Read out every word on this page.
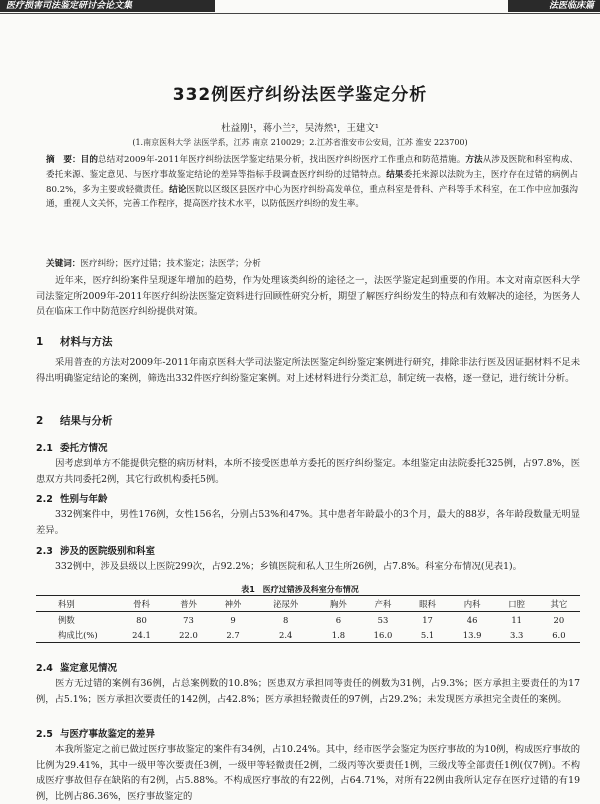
医疗损害司法鉴定研讨会论文集	法医临床篇
332例医疗纠纷法医学鉴定分析
杜益刚¹，蒋小兰²，吴涛然¹，王建文¹
(1.南京医科大学 法医学系，江苏 南京 210029；2.江苏省淮安市公安局，江苏 淮安 223700)
摘　要：目的总结对2009年-2011年医疗纠纷法医学鉴定结果分析，找出医疗纠纷医疗工作重点和防范措施。方法从涉及医院和科室构成、委托来源、鉴定意见、与医疗事故鉴定结论的差异等指标手段调查医疗纠纷的过错特点。结果委托来源以法院为主，医疗存在过错的病例占80.2%，多为主要或轻微责任。结论医院以区级区县医疗中心为医疗纠纷高发单位，重点科室是骨科、产科等手术科室，在工作中应加强沟通，重视人文关怀，完善工作程序，提高医疗技术水平，以防低医疗纠纷的发生率。
关键词：医疗纠纷；医疗过错；技术鉴定；法医学；分析
近年来，医疗纠纷案件呈现逐年增加的趋势，作为处理该类纠纷的途径之一，法医学鉴定起到重要的作用。本文对南京医科大学司法鉴定所2009年-2011年医疗纠纷法医鉴定资料进行回顾性研究分析，期望了解医疗纠纷发生的特点和有效解决的途径，为医务人员在临床工作中防范医疗纠纷提供对策。
1 材料与方法
采用普查的方法对2009年-2011年南京医科大学司法鉴定所法医鉴定纠纷鉴定案例进行研究，排除非法行医及因证据材料不足未得出明确鉴定结论的案例，筛选出332件医疗纠纷鉴定案例。对上述材料进行分类汇总，制定统一表格，逐一登记，进行统计分析。
2 结果与分析
2.1 委托方情况
因考虑到单方不能提供完整的病历材料，本所不接受医患单方委托的医疗纠纷鉴定。本组鉴定由法院委托325例，占97.8%，医患双方共同委托2例，其它行政机构委托5例。
2.2 性别与年龄
332例案件中，男性176例，女性156名，分别占53%和47%。其中患者年龄最小的3个月，最大的88岁，各年龄段数量无明显差异。
2.3 涉及的医院级别和科室
332例中，涉及县级以上医院299次，占92.2%；乡镇医院和私人卫生所26例，占7.8%。科室分布情况(见表1)。
表1　医疗过错涉及科室分布情况
科别	骨科	普外	神外	泌尿外	胸外	产科	眼科	内科	口腔	其它
例数	80	73	9	8	6	53	17	46	11	20
构成比(%)	24.1	22.0	2.7	2.4	1.8	16.0	5.1	13.9	3.3	6.0
2.4 鉴定意见情况
医方无过错的案例有36例，占总案例数的10.8%；医患双方承担同等责任的例数为31例，占9.3%；医方承担主要责任的为17例，占5.1%；医方承担次要责任的142例，占42.8%；医方承担轻微责任的97例，占29.2%；未发现医方承担完全责任的案例。
2.5 与医疗事故鉴定的差异
本我所鉴定之前已做过医疗事故鉴定的案件有34例，占10.24%。其中，经市医学会鉴定为医疗事故的为10例，构成医疗事故的比例为29.41%，其中一级甲等次要责任3例，一级甲等轻微责任2例，二级丙等次要责任1例，三级戊等全部责任1例(仅7例)。不构成医疗事故但存在缺陷的有2例，占5.88%。不构成医疗事故的有22例，占64.71%，对所有22例由我所认定存在医疗过错的有19例，比例占86.36%，医疗事故鉴定的
